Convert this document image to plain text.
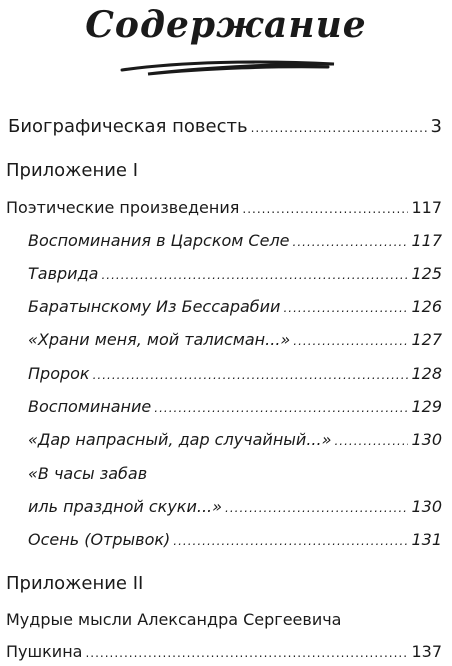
Содержание
Биографическая повесть .....	3
Приложение I
Поэтические произведения .....	117
Воспоминания в Царском Селе .....	117
Таврида .....	125
Баратынскому Из Бессарабии .....	126
«Храни меня, мой талисман...» .....	127
Пророк .....	128
Воспоминание .....	129
«Дар напрасный, дар случайный...» .....	130
«В часы забав
иль праздной скуки...» .....	130
Осень (Отрывок) .....	131
Приложение II
Мудрые мысли Александра Сергеевича
Пушкина .....	137
